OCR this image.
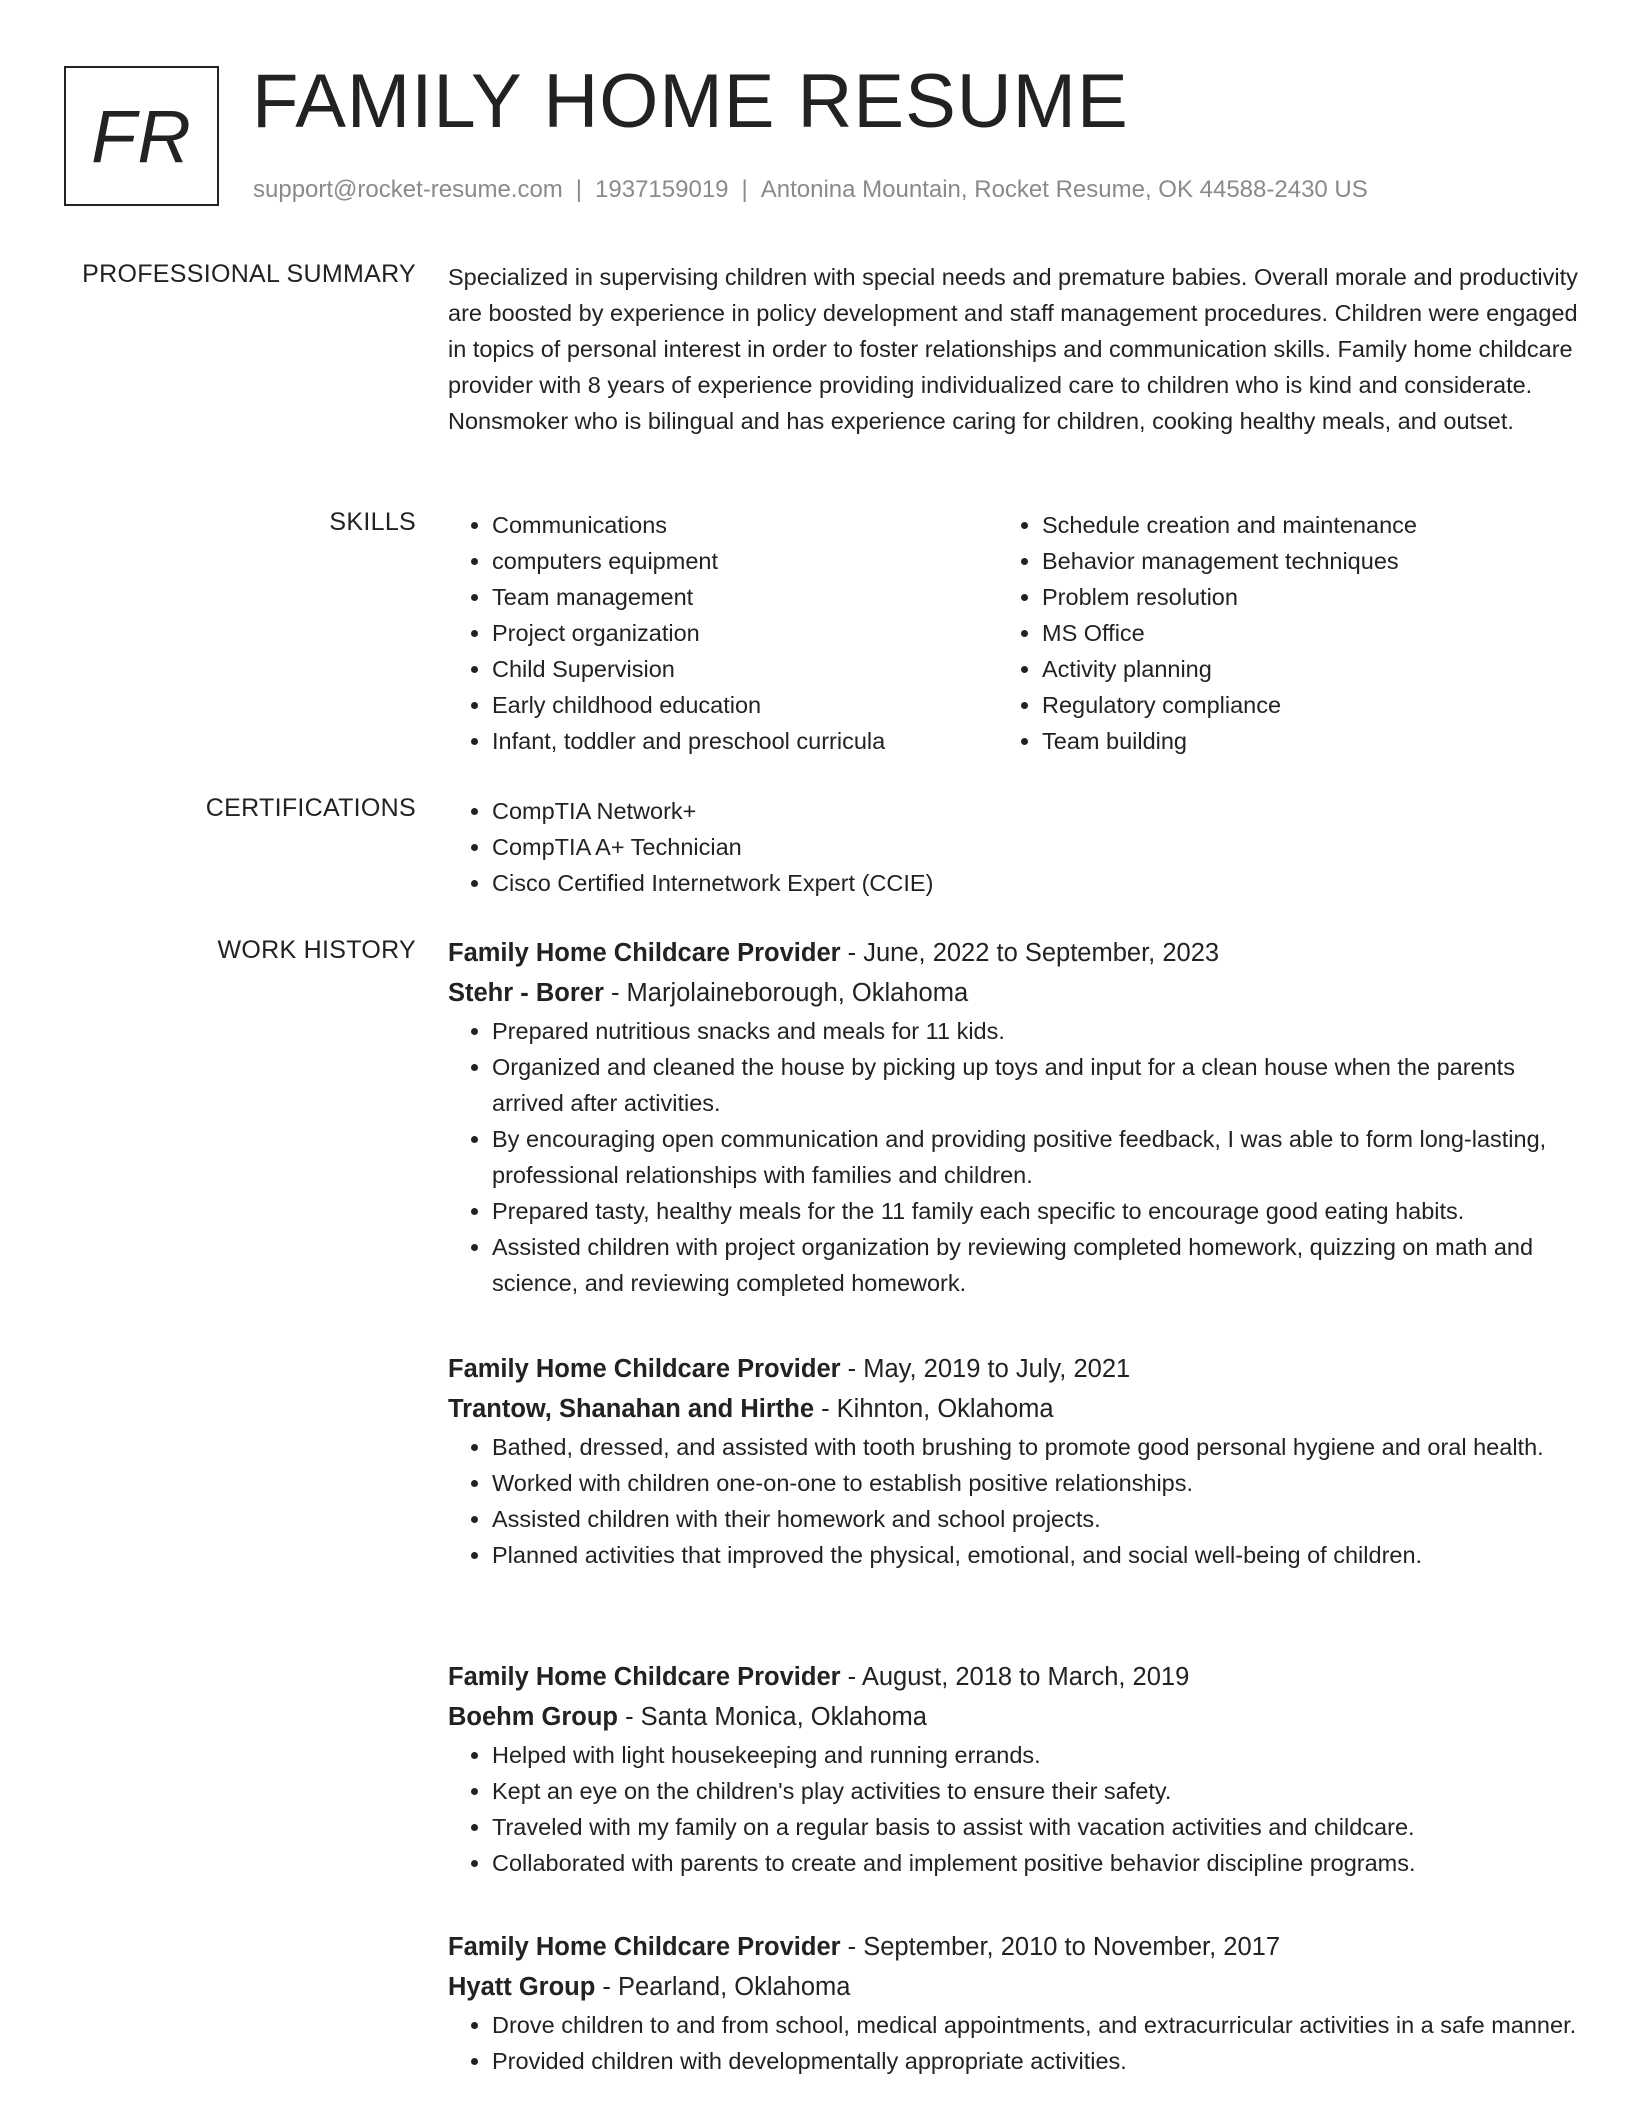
FR FAMILY HOME RESUME
support@rocket-resume.com | 1937159019 | Antonina Mountain, Rocket Resume, OK 44588-2430 US
PROFESSIONAL SUMMARY Specialized in supervising children with special needs and premature babies. Overall morale and productivity are boosted by experience in policy development and staff management procedures. Children were engaged in topics of personal interest in order to foster relationships and communication skills. Family home childcare provider with 8 years of experience providing individualized care to children who is kind and considerate. Nonsmoker who is bilingual and has experience caring for children, cooking healthy meals, and outset.

SKILLS	• Communications
• computers equipment
• Team management
• Project organization
• Child Supervision
• Early childhood education
• Infant, toddler and preschool curricula
• Schedule creation and maintenance
• Behavior management techniques
• Problem resolution
• MS Office
• Activity planning
• Regulatory compliance
• Team building
CERTIFICATIONS	• CompTIA Network+
• CompTIA A+ Technician
• Cisco Certified Internetwork Expert (CCIE)
WORK HISTORY Family Home Childcare Provider - June, 2022 to September, 2023
Stehr - Borer - Marjolaineborough, Oklahoma
• Prepared nutritious snacks and meals for 11 kids.
• Organized and cleaned the house by picking up toys and input for a clean house when the parents arrived after activities.
• By encouraging open communication and providing positive feedback, I was able to form long-lasting, professional relationships with families and children.
• Prepared tasty, healthy meals for the 11 family each specific to encourage good eating habits.
• Assisted children with project organization by reviewing completed homework, quizzing on math and science, and reviewing completed homework.
Family Home Childcare Provider - May, 2019 to July, 2021
Trantow, Shanahan and Hirthe - Kihnton, Oklahoma
• Bathed, dressed, and assisted with tooth brushing to promote good personal hygiene and oral health.
• Worked with children one-on-one to establish positive relationships.
• Assisted children with their homework and school projects.
• Planned activities that improved the physical, emotional, and social well-being of children.
Family Home Childcare Provider - August, 2018 to March, 2019
Boehm Group - Santa Monica, Oklahoma
• Helped with light housekeeping and running errands.
• Kept an eye on the children's play activities to ensure their safety.
• Traveled with my family on a regular basis to assist with vacation activities and childcare.
• Collaborated with parents to create and implement positive behavior discipline programs.
Family Home Childcare Provider - September, 2010 to November, 2017
Hyatt Group - Pearland, Oklahoma
• Drove children to and from school, medical appointments, and extracurricular activities in a safe manner.
• Provided children with developmentally appropriate activities.
